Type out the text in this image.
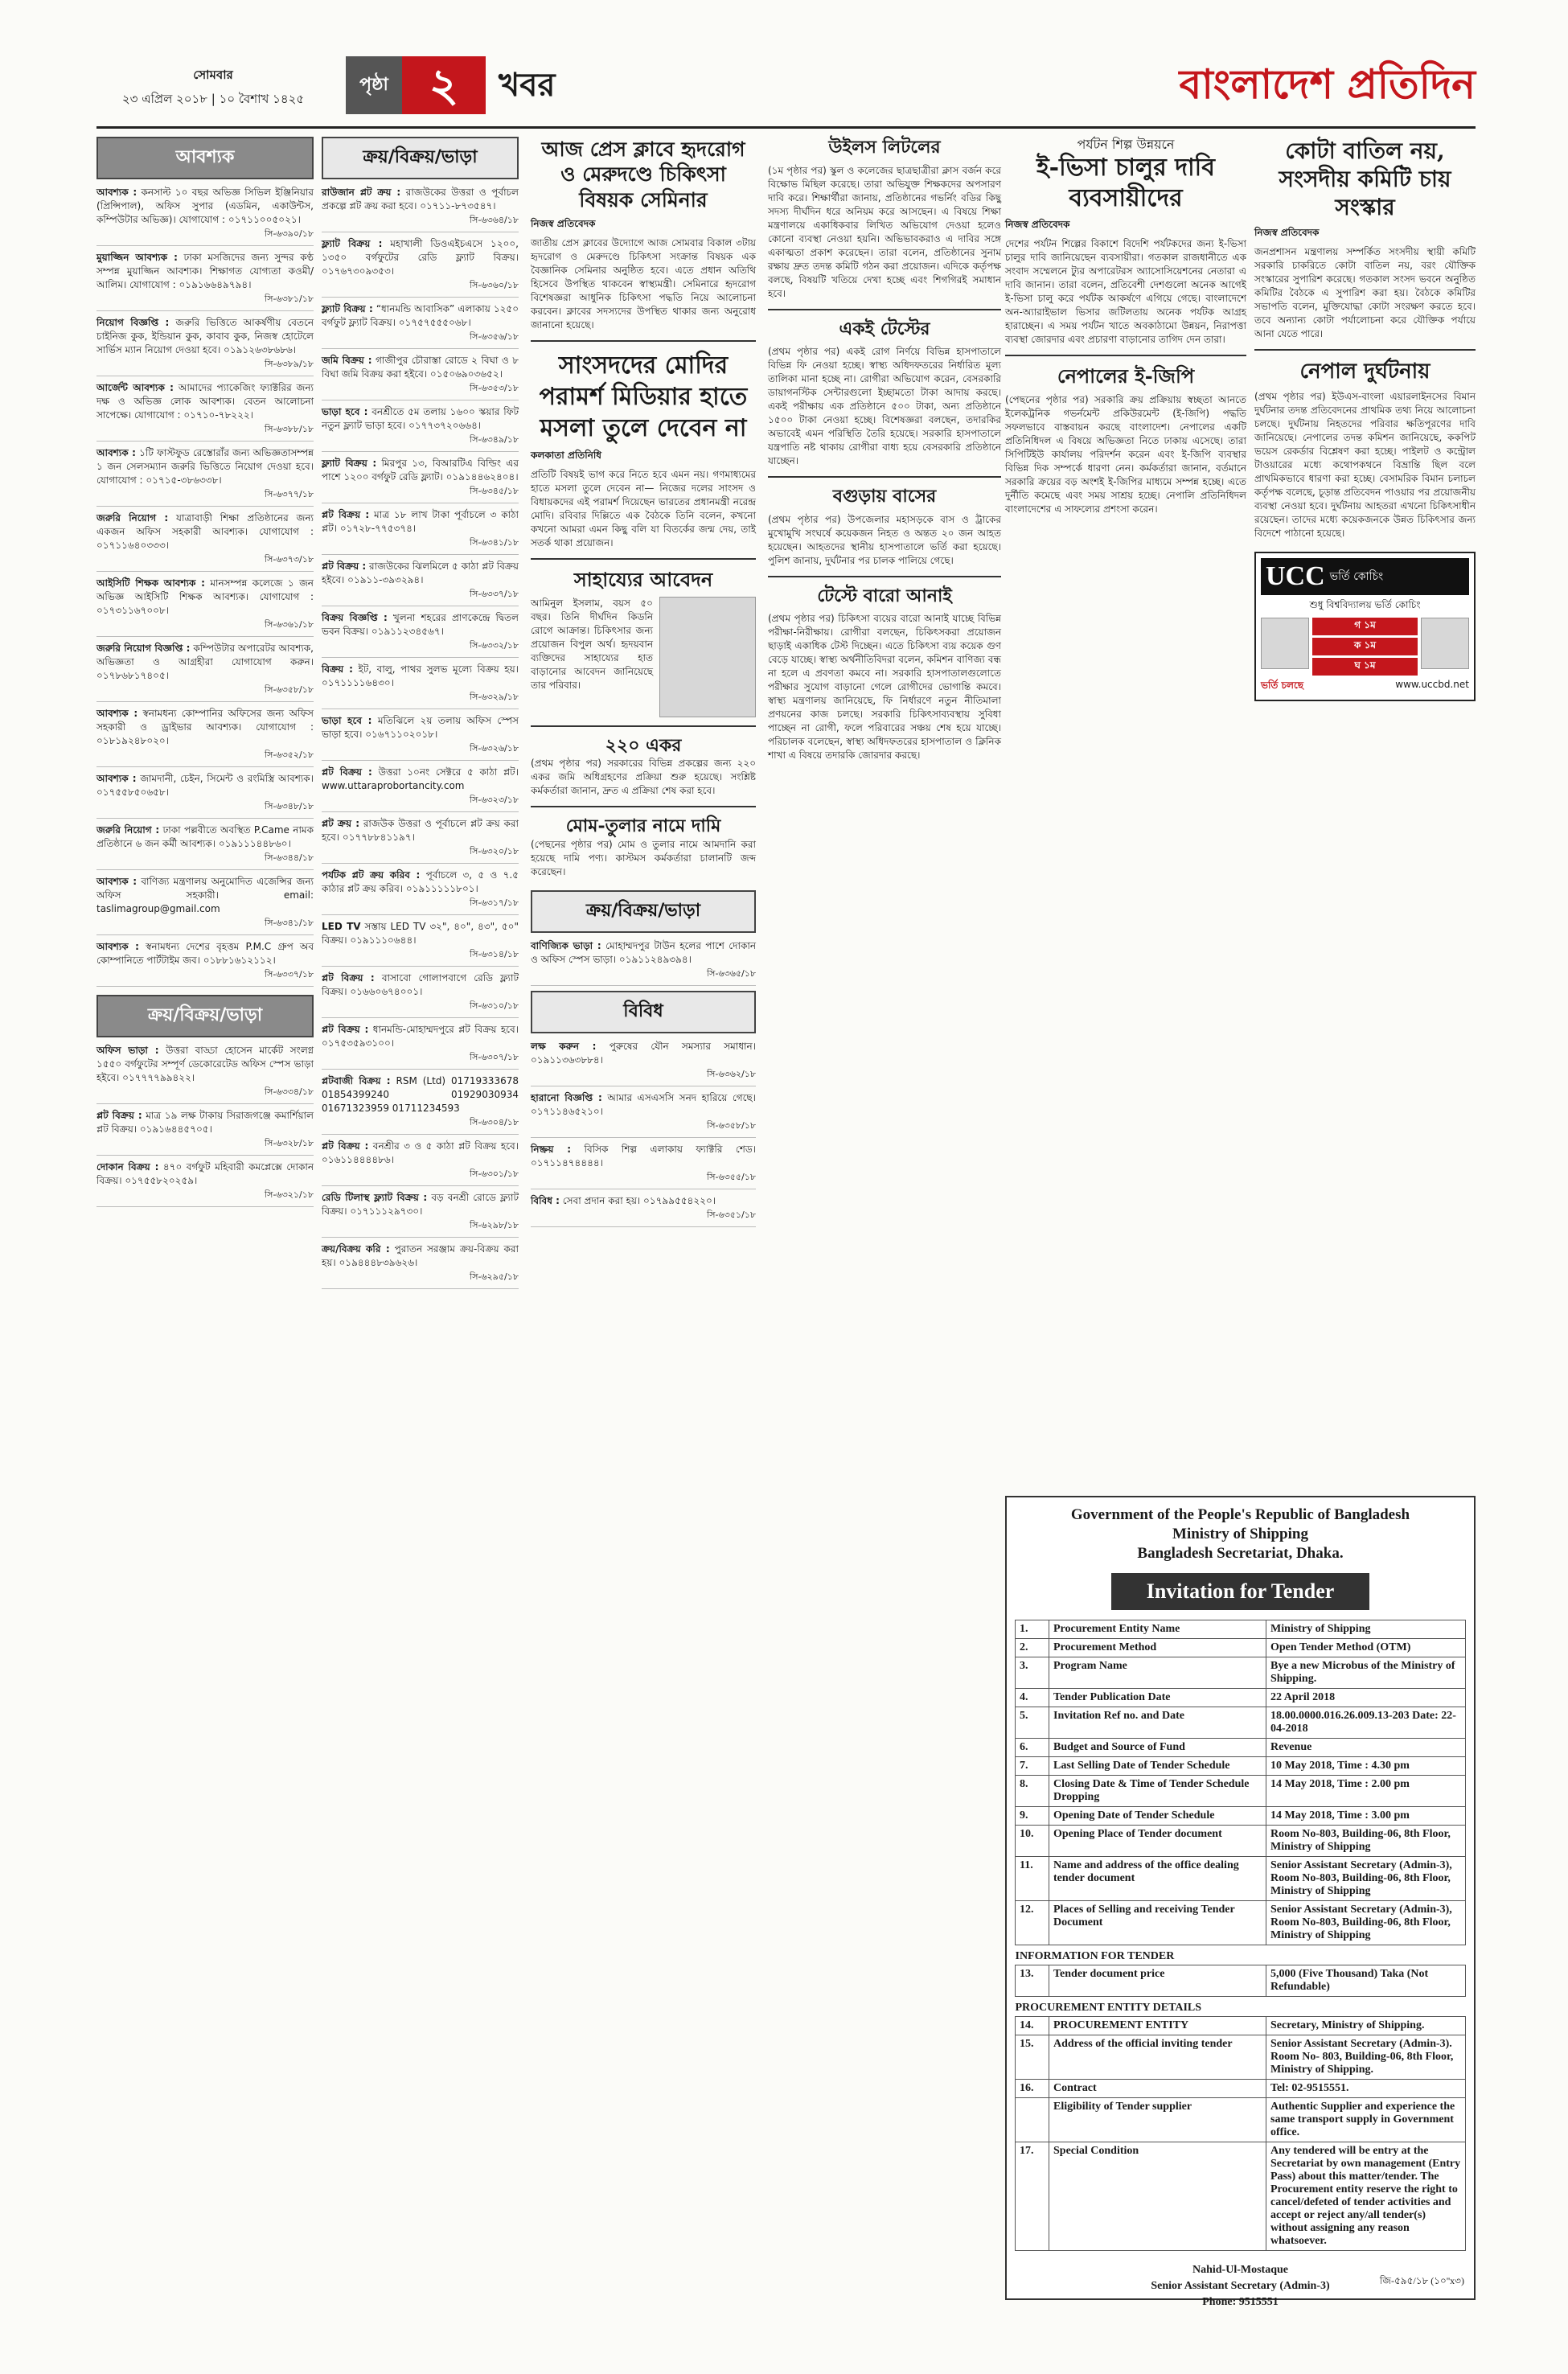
সোমবার
২৩ এপ্রিল ২০১৮ | ১০ বৈশাখ ১৪২৫
পৃষ্ঠা ২	খবর	বাংলাদেশ প্রতিদিন
আবশ্যক
আবশ্যক : কনসাল্ট ১০ বছর অভিজ্ঞ সিভিল ইঞ্জিনিয়ার (প্রিন্সিপাল), অফিস সুপার (এডমিন, একাউন্টস, কম্পিউটার অভিজ্ঞ)। যোগাযোগ : ০১৭১১০০৫০২১।
সি-৬৩৯০/১৮
মুয়াজ্জিন আবশ্যক : ঢাকা মসজিদের জন্য সুন্দর কণ্ঠ সম্পন্ন মুয়াজ্জিন আবশ্যক। শিক্ষাগত যোগ্যতা কওমী/আলিম। যোগাযোগ : ০১৯১৬৬৪৯৭৯৪।
সি-৬৩৮১/১৮
নিয়োগ বিজ্ঞপ্তি : জরুরি ভিত্তিতে আকর্ষণীয় বেতনে চাইনিজ কুক, ইন্ডিয়ান কুক, কাবাব কুক, নিজস্ব হোটেলে সার্ভিস ম্যান নিয়োগ দেওয়া হবে। ০১৯১২৬৩৮৬৮৬।
সি-৬৩৮৯/১৮
আর্জেন্ট আবশ্যক : আমাদের প্যাকেজিং ফ্যাক্টরির জন্য দক্ষ ও অভিজ্ঞ লোক আবশ্যক। বেতন আলোচনা সাপেক্ষে। যোগাযোগ : ০১৭১০-৭৮২২২।
সি-৬৩৮৮/১৮
আবশ্যক : ১টি ফাস্টফুড রেস্তোরাঁর জন্য অভিজ্ঞতাসম্পন্ন ১ জন সেলসম্যান জরুরি ভিত্তিতে নিয়োগ দেওয়া হবে। যোগাযোগ : ০১৭১৫-৩৮৬৩৩৮।
সি-৬৩৭৭/১৮
জরুরি নিয়োগ : যাত্রাবাড়ী শিক্ষা প্রতিষ্ঠানের জন্য একজন অফিস সহকারী আবশ্যক। যোগাযোগ : ০১৭১১৬৪০৩৩৩।
সি-৬৩৭৩/১৮
আইসিটি শিক্ষক আবশ্যক : মানসম্পন্ন কলেজে ১ জন অভিজ্ঞ আইসিটি শিক্ষক আবশ্যক। যোগাযোগ : ০১৭৩১১৬৭০০৮।
সি-৬৩৬১/১৮
জরুরি নিয়োগ বিজ্ঞপ্তি : কম্পিউটার অপারেটর আবশ্যক, অভিজ্ঞতা ও আগ্রহীরা যোগাযোগ করুন। ০১৭৮৬৮১৭৪০৫।
সি-৬৩৫৮/১৮
আবশ্যক : স্বনামধন্য কোম্পানির অফিসের জন্য অফিস সহকারী ও ড্রাইভার আবশ্যক। যোগাযোগ : ০১৮১৯২৪৮০২০।
সি-৬৩৫২/১৮
আবশ্যক : জামদানী, চেইন, সিমেন্ট ও রংমিস্ত্রি আবশ্যক। ০১৭৫৫৮৫০৬৫৮।
সি-৬৩৪৮/১৮
জরুরি নিয়োগ : ঢাকা পল্লবীতে অবস্থিত P.Came নামক প্রতিষ্ঠানে ৬ জন কর্মী আবশ্যক। ০১৯১১১৪৪৮৬০।
সি-৬৩৪৪/১৮
আবশ্যক : বাণিজ্য মন্ত্রণালয় অনুমোদিত এজেন্সির জন্য অফিস সহকারী। email: taslimagroup@gmail.com
সি-৬৩৪১/১৮
আবশ্যক : স্বনামধন্য দেশের বৃহত্তম P.M.C গ্রুপ অব কোম্পানিতে পার্টটাইম জব। ০১৮৮১৬১২১১২।
সি-৬৩৩৭/১৮
ক্রয়/বিক্রয়/ভাড়া
অফিস ভাড়া : উত্তরা বাড্ডা হোসেন মার্কেট সংলগ্ন ১৫৫০ বর্গফুটের সম্পূর্ণ ডেকোরেটেড অফিস স্পেস ভাড়া হইবে। ০১৭৭৭৭৯৯৪২২।
সি-৬৩৩৪/১৮
প্লট বিক্রয় : মাত্র ১৯ লক্ষ টাকায় সিরাজগঞ্জে কমার্শিয়াল প্লট বিক্রয়। ০১৯১৬৪৪৫৭০৫।
সি-৬৩২৮/১৮
দোকান বিক্রয় : ৪৭০ বর্গফুট মহিবারী কমপ্লেক্সে দোকান বিক্রয়। ০১৭৫৫৮২০২৫৯।
সি-৬৩২১/১৮
ক্রয়/বিক্রয়/ভাড়া
রাউজান প্লট ক্রয় : রাজউকের উত্তরা ও পূর্বাচল প্রকল্পে প্লট ক্রয় করা হবে। ০১৭১১-৮৭৩৫৪৭।
সি-৬৩৬৪/১৮
ফ্ল্যাট বিক্রয় : মহাখালী ডিওএইচএসে ১২০০, ১৩৫০ বর্গফুটের রেডি ফ্ল্যাট বিক্রয়। ০১৭৬৭৩০৯৩৫৩।
সি-৬৩৬০/১৮
ফ্ল্যাট বিক্রয় : “ধানমন্ডি আবাসিক” এলাকায় ১২৫০ বর্গফুট ফ্ল্যাট বিক্রয়। ০১৭৫৭৫৫৫০৬৮।
সি-৬৩৫৬/১৮
জমি বিক্রয় : গাজীপুর চৌরাস্তা রোডে ২ বিঘা ও ৮ বিঘা জমি বিক্রয় করা হইবে। ০১৫০৬৯০৩৬৫২।
সি-৬৩৫৩/১৮
ভাড়া হবে : বনশ্রীতে ৫ম তলায় ১৬০০ স্কয়ার ফিট নতুন ফ্ল্যাট ভাড়া হবে। ০১৭৭৩৭২০৬৬৪।
সি-৬৩৪৯/১৮
ফ্ল্যাট বিক্রয় : মিরপুর ১৩, বিআরটিএ বিল্ডিং এর পাশে ১২০০ বর্গফুট রেডি ফ্ল্যাট। ০১৯১৪৪৬২৪০৪।
সি-৬৩৪৫/১৮
প্লট বিক্রয় : মাত্র ১৮ লাখ টাকা পূর্বাচলে ৩ কাঠা প্লট। ০১৭২৮-৭৭৫৩৭৪।
সি-৬৩৪১/১৮
প্লট বিক্রয় : রাজউকের ঝিলমিলে ৫ কাঠা প্লট বিক্রয় হইবে। ০১৯১১-৩৯৩২৯৪।
সি-৬৩৩৭/১৮
বিক্রয় বিজ্ঞপ্তি : খুলনা শহরের প্রাণকেন্দ্রে দ্বিতল ভবন বিক্রয়। ০১৯১১২৩৪৫৬৭।
সি-৬৩৩২/১৮
বিক্রয় : ইট, বালু, পাথর সুলভ মূল্যে বিক্রয় হয়। ০১৭১১১১৬৪৩০।
সি-৬৩২৯/১৮
ভাড়া হবে : মতিঝিলে ২য় তলায় অফিস স্পেস ভাড়া হবে। ০১৬৭১১০২০১৮।
সি-৬৩২৬/১৮
প্লট বিক্রয় : উত্তরা ১০নং সেক্টরে ৫ কাঠা প্লট। www.uttaraprobortancity.com
সি-৬৩২৩/১৮
প্লট ক্রয় : রাজউক উত্তরা ও পূর্বাচলে প্লট ক্রয় করা হবে। ০১৭৭৮৮৪১১৯৭।
সি-৬৩২০/১৮
পর্যটক প্লট ক্রয় করিব : পূর্বাচলে ৩, ৫ ও ৭.৫ কাঠার প্লট ক্রয় করিব। ০১৯১১১১১৮০১।
সি-৬৩১৭/১৮
LED TV সস্তায় LED TV ৩২", ৪০", ৪৩", ৫০" বিক্রয়। ০১৯১১১০৬৪৪।
সি-৬৩১৪/১৮
প্লট বিক্রয় : বাসাবো গোলাপবাগে রেডি ফ্ল্যাট বিক্রয়। ০১৬৬০৬৭৪০০১।
সি-৬৩১০/১৮
প্লট বিক্রয় : ধানমন্ডি-মোহাম্মদপুরে প্লট বিক্রয় হবে। ০১৭৫৩৫৯৩১০০।
সি-৬৩০৭/১৮
প্লটবাজী বিক্রয় : RSM (Ltd) 01719333678 01854399240 01929030934 01671323959 01711234593
সি-৬৩০৪/১৮
প্লট বিক্রয় : বনশ্রীর ৩ ও ৫ কাঠা প্লট বিক্রয় হবে। ০১৬১১৪৪৪৪৮৬।
সি-৬৩০১/১৮
রেডি টিলাস্থ ফ্ল্যাট বিক্রয় : বড় বনশ্রী রোডে ফ্ল্যাট বিক্রয়। ০১৭১১১২৯৭৩০।
সি-৬২৯৮/১৮
ক্রয়/বিক্রয় করি : পুরাতন সরঞ্জাম ক্রয়-বিক্রয় করা হয়। ০১৯৪৪৪৮৩৯৬২৬।
সি-৬২৯৫/১৮
আজ প্রেস ক্লাবে হৃদরোগ ও মেরুদণ্ডে চিকিৎসা বিষয়ক সেমিনার
নিজস্ব প্রতিবেদক
জাতীয় প্রেস ক্লাবের উদ্যোগে আজ সোমবার বিকাল ৩টায় হৃদরোগ ও মেরুদণ্ডে চিকিৎসা সংক্রান্ত বিষয়ক এক বৈজ্ঞানিক সেমিনার অনুষ্ঠিত হবে। এতে প্রধান অতিথি হিসেবে উপস্থিত থাকবেন স্বাস্থ্যমন্ত্রী। সেমিনারে হৃদরোগ বিশেষজ্ঞরা আধুনিক চিকিৎসা পদ্ধতি নিয়ে আলোচনা করবেন। ক্লাবের সদস্যদের উপস্থিত থাকার জন্য অনুরোধ জানানো হয়েছে।
সাংসদদের মোদির পরামর্শ মিডিয়ার হাতে মসলা তুলে দেবেন না
কলকাতা প্রতিনিধি
প্রতিটি বিষয়ই ভাগ করে নিতে হবে এমন নয়। গণমাধ্যমের হাতে মসলা তুলে দেবেন না— নিজের দলের সাংসদ ও বিধায়কদের এই পরামর্শ দিয়েছেন ভারতের প্রধানমন্ত্রী নরেন্দ্র মোদি। রবিবার দিল্লিতে এক বৈঠকে তিনি বলেন, কখনো কখনো আমরা এমন কিছু বলি যা বিতর্কের জন্ম দেয়, তাই সতর্ক থাকা প্রয়োজন।
সাহায্যের আবেদন
আমিনুল ইসলাম, বয়স ৫০ বছর। তিনি দীর্ঘদিন কিডনি রোগে আক্রান্ত। চিকিৎসার জন্য প্রয়োজন বিপুল অর্থ। হৃদয়বান ব্যক্তিদের সাহায্যের হাত বাড়ানোর আবেদন জানিয়েছে তার পরিবার।
২২০ একর
(প্রথম পৃষ্ঠার পর) সরকারের বিভিন্ন প্রকল্পের জন্য ২২০ একর জমি অধিগ্রহণের প্রক্রিয়া শুরু হয়েছে। সংশ্লিষ্ট কর্মকর্তারা জানান, দ্রুত এ প্রক্রিয়া শেষ করা হবে।
মোম-তুলার নামে দামি
(পেছনের পৃষ্ঠার পর) মোম ও তুলার নামে আমদানি করা হয়েছে দামি পণ্য। কাস্টমস কর্মকর্তারা চালানটি জব্দ করেছেন।
ক্রয়/বিক্রয়/ভাড়া
বাণিজ্যিক ভাড়া : মোহাম্মদপুর টাউন হলের পাশে দোকান ও অফিস স্পেস ভাড়া। ০১৯১১২৪৯৩৯৪।
সি-৬৩৬৫/১৮
বিবিধ
লক্ষ করুন : পুরুষের যৌন সমস্যার সমাধান। ০১৯১১৩৬৩৮৮৪।
সি-৬৩৬২/১৮
হারানো বিজ্ঞপ্তি : আমার এসএসসি সনদ হারিয়ে গেছে। ০১৭১১৪৬৫২১০।
সি-৬৩৫৮/১৮
নিষ্ক্রয় : বিসিক শিল্প এলাকায় ফ্যাক্টরি শেড। ০১৭১১৪৭৪৪৪৪।
সি-৬৩৫৫/১৮
বিবিধ : সেবা প্রদান করা হয়। ০১৭৯৯৫৫৪২২০।
সি-৬৩৫১/১৮
উইলস লিটলের
(১ম পৃষ্ঠার পর) স্কুল ও কলেজের ছাত্রছাত্রীরা ক্লাস বর্জন করে বিক্ষোভ মিছিল করেছে। তারা অভিযুক্ত শিক্ষকদের অপসারণ দাবি করে। শিক্ষার্থীরা জানায়, প্রতিষ্ঠানের গভর্নিং বডির কিছু সদস্য দীর্ঘদিন ধরে অনিয়ম করে আসছেন। এ বিষয়ে শিক্ষা মন্ত্রণালয়ে একাধিকবার লিখিত অভিযোগ দেওয়া হলেও কোনো ব্যবস্থা নেওয়া হয়নি। অভিভাবকরাও এ দাবির সঙ্গে একাত্মতা প্রকাশ করেছেন। তারা বলেন, প্রতিষ্ঠানের সুনাম রক্ষায় দ্রুত তদন্ত কমিটি গঠন করা প্রয়োজন। এদিকে কর্তৃপক্ষ বলছে, বিষয়টি খতিয়ে দেখা হচ্ছে এবং শিগগিরই সমাধান হবে।
একই টেস্টের
(প্রথম পৃষ্ঠার পর) একই রোগ নির্ণয়ে বিভিন্ন হাসপাতালে বিভিন্ন ফি নেওয়া হচ্ছে। স্বাস্থ্য অধিদফতরের নির্ধারিত মূল্য তালিকা মানা হচ্ছে না। রোগীরা অভিযোগ করেন, বেসরকারি ডায়াগনস্টিক সেন্টারগুলো ইচ্ছামতো টাকা আদায় করছে। একই পরীক্ষায় এক প্রতিষ্ঠানে ৫০০ টাকা, অন্য প্রতিষ্ঠানে ১৫০০ টাকা নেওয়া হচ্ছে। বিশেষজ্ঞরা বলছেন, তদারকির অভাবেই এমন পরিস্থিতি তৈরি হয়েছে। সরকারি হাসপাতালে যন্ত্রপাতি নষ্ট থাকায় রোগীরা বাধ্য হয়ে বেসরকারি প্রতিষ্ঠানে যাচ্ছেন।
বগুড়ায় বাসের
(প্রথম পৃষ্ঠার পর) উপজেলার মহাসড়কে বাস ও ট্রাকের মুখোমুখি সংঘর্ষে কয়েকজন নিহত ও অন্তত ২০ জন আহত হয়েছেন। আহতদের স্থানীয় হাসপাতালে ভর্তি করা হয়েছে। পুলিশ জানায়, দুর্ঘটনার পর চালক পালিয়ে গেছে।
টেস্টে বারো আনাই
(প্রথম পৃষ্ঠার পর) চিকিৎসা ব্যয়ের বারো আনাই যাচ্ছে বিভিন্ন পরীক্ষা-নিরীক্ষায়। রোগীরা বলছেন, চিকিৎসকরা প্রয়োজন ছাড়াই একাধিক টেস্ট দিচ্ছেন। এতে চিকিৎসা ব্যয় কয়েক গুণ বেড়ে যাচ্ছে। স্বাস্থ্য অর্থনীতিবিদরা বলেন, কমিশন বাণিজ্য বন্ধ না হলে এ প্রবণতা কমবে না। সরকারি হাসপাতালগুলোতে পরীক্ষার সুযোগ বাড়ানো গেলে রোগীদের ভোগান্তি কমবে। স্বাস্থ্য মন্ত্রণালয় জানিয়েছে, ফি নির্ধারণে নতুন নীতিমালা প্রণয়নের কাজ চলছে। সরকারি চিকিৎসাব্যবস্থায় সুবিধা পাচ্ছেন না রোগী, ফলে পরিবারের সঞ্চয় শেষ হয়ে যাচ্ছে। পরিচালক বলেছেন, স্বাস্থ্য অধিদফতরের হাসপাতাল ও ক্লিনিক শাখা এ বিষয়ে তদারকি জোরদার করছে।
পর্যটন শিল্প উন্নয়নে
ই-ভিসা চালুর দাবি ব্যবসায়ীদের
নিজস্ব প্রতিবেদক
দেশের পর্যটন শিল্পের বিকাশে বিদেশি পর্যটকদের জন্য ই-ভিসা চালুর দাবি জানিয়েছেন ব্যবসায়ীরা। গতকাল রাজধানীতে এক সংবাদ সম্মেলনে ট্যুর অপারেটরস অ্যাসোসিয়েশনের নেতারা এ দাবি জানান। তারা বলেন, প্রতিবেশী দেশগুলো অনেক আগেই ই-ভিসা চালু করে পর্যটক আকর্ষণে এগিয়ে গেছে। বাংলাদেশে অন-অ্যারাইভাল ভিসার জটিলতায় অনেক পর্যটক আগ্রহ হারাচ্ছেন। এ সময় পর্যটন খাতে অবকাঠামো উন্নয়ন, নিরাপত্তা ব্যবস্থা জোরদার এবং প্রচারণা বাড়ানোর তাগিদ দেন তারা।
নেপালের ই-জিপি
(পেছনের পৃষ্ঠার পর) সরকারি ক্রয় প্রক্রিয়ায় স্বচ্ছতা আনতে ইলেকট্রনিক গভর্নমেন্ট প্রকিউরমেন্ট (ই-জিপি) পদ্ধতি সফলভাবে বাস্তবায়ন করছে বাংলাদেশ। নেপালের একটি প্রতিনিধিদল এ বিষয়ে অভিজ্ঞতা নিতে ঢাকায় এসেছে। তারা সিপিটিইউ কার্যালয় পরিদর্শন করেন এবং ই-জিপি ব্যবস্থার বিভিন্ন দিক সম্পর্কে ধারণা নেন। কর্মকর্তারা জানান, বর্তমানে সরকারি ক্রয়ের বড় অংশই ই-জিপির মাধ্যমে সম্পন্ন হচ্ছে। এতে দুর্নীতি কমেছে এবং সময় সাশ্রয় হচ্ছে। নেপালি প্রতিনিধিদল বাংলাদেশের এ সাফল্যের প্রশংসা করেন।
কোটা বাতিল নয়, সংসদীয় কমিটি চায় সংস্কার
নিজস্ব প্রতিবেদক
জনপ্রশাসন মন্ত্রণালয় সম্পর্কিত সংসদীয় স্থায়ী কমিটি সরকারি চাকরিতে কোটা বাতিল নয়, বরং যৌক্তিক সংস্কারের সুপারিশ করেছে। গতকাল সংসদ ভবনে অনুষ্ঠিত কমিটির বৈঠকে এ সুপারিশ করা হয়। বৈঠকে কমিটির সভাপতি বলেন, মুক্তিযোদ্ধা কোটা সংরক্ষণ করতে হবে। তবে অন্যান্য কোটা পর্যালোচনা করে যৌক্তিক পর্যায়ে আনা যেতে পারে।
নেপাল দুর্ঘটনায়
(প্রথম পৃষ্ঠার পর) ইউএস-বাংলা এয়ারলাইনসের বিমান দুর্ঘটনার তদন্ত প্রতিবেদনের প্রাথমিক তথ্য নিয়ে আলোচনা চলছে। দুর্ঘটনায় নিহতদের পরিবার ক্ষতিপূরণের দাবি জানিয়েছে। নেপালের তদন্ত কমিশন জানিয়েছে, ককপিট ভয়েস রেকর্ডার বিশ্লেষণ করা হচ্ছে। পাইলট ও কন্ট্রোল টাওয়ারের মধ্যে কথোপকথনে বিভ্রান্তি ছিল বলে প্রাথমিকভাবে ধারণা করা হচ্ছে। বেসামরিক বিমান চলাচল কর্তৃপক্ষ বলেছে, চূড়ান্ত প্রতিবেদন পাওয়ার পর প্রয়োজনীয় ব্যবস্থা নেওয়া হবে। দুর্ঘটনায় আহতরা এখনো চিকিৎসাধীন রয়েছেন। তাদের মধ্যে কয়েকজনকে উন্নত চিকিৎসার জন্য বিদেশে পাঠানো হয়েছে।
UCC ভর্তি কোচিং
শুধু বিশ্ববিদ্যালয় ভর্তি কোচিং
গ ১ম
ক ১ম
ঘ ১ম
ভর্তি চলছে	www.uccbd.net
Government of the People's Republic of Bangladesh
Ministry of Shipping
Bangladesh Secretariat, Dhaka.
Invitation for Tender
1.	Procurement Entity Name	Ministry of Shipping
2.	Procurement Method	Open Tender Method (OTM)
3.	Program Name	Bye a new Microbus of the Ministry of Shipping.
4.	Tender Publication Date	22 April 2018
5.	Invitation Ref no. and Date	18.00.0000.016.26.009.13-203 Date: 22-04-2018
6.	Budget and Source of Fund	Revenue
7.	Last Selling Date of Tender Schedule	10 May 2018, Time : 4.30 pm
8.	Closing Date & Time of Tender Schedule Dropping	14 May 2018, Time : 2.00 pm
9.	Opening Date of Tender Schedule	14 May 2018, Time : 3.00 pm
10.	Opening Place of Tender document	Room No-803, Building-06, 8th Floor, Ministry of Shipping
11.	Name and address of the office dealing tender document	Senior Assistant Secretary (Admin-3), Room No-803, Building-06, 8th Floor, Ministry of Shipping
12.	Places of Selling and receiving Tender Document	Senior Assistant Secretary (Admin-3), Room No-803, Building-06, 8th Floor, Ministry of Shipping
INFORMATION FOR TENDER		
13.	Tender document price	5,000 (Five Thousand) Taka (Not Refundable)
PROCUREMENT ENTITY DETAILS		
14.	PROCUREMENT ENTITY	Secretary, Ministry of Shipping.
15.	Address of the official inviting tender	Senior Assistant Secretary (Admin-3). Room No- 803, Building-06, 8th Floor, Ministry of Shipping.
16.	Contract	Tel: 02-9515551.
	Eligibility of Tender supplier	Authentic Supplier and experience the same transport supply in Government office.
17.	Special Condition	Any tendered will be entry at the Secretariat by own management (Entry Pass) about this matter/tender. The Procurement entity reserve the right to cancel/defeted of tender activities and accept or reject any/all tender(s) without assigning any reason whatsoever.
Nahid-Ul-Mostaque
Senior Assistant Secretary (Admin-3)
Phone: 9515551
জি-৫৯৫/১৮ (১০''x৩)
